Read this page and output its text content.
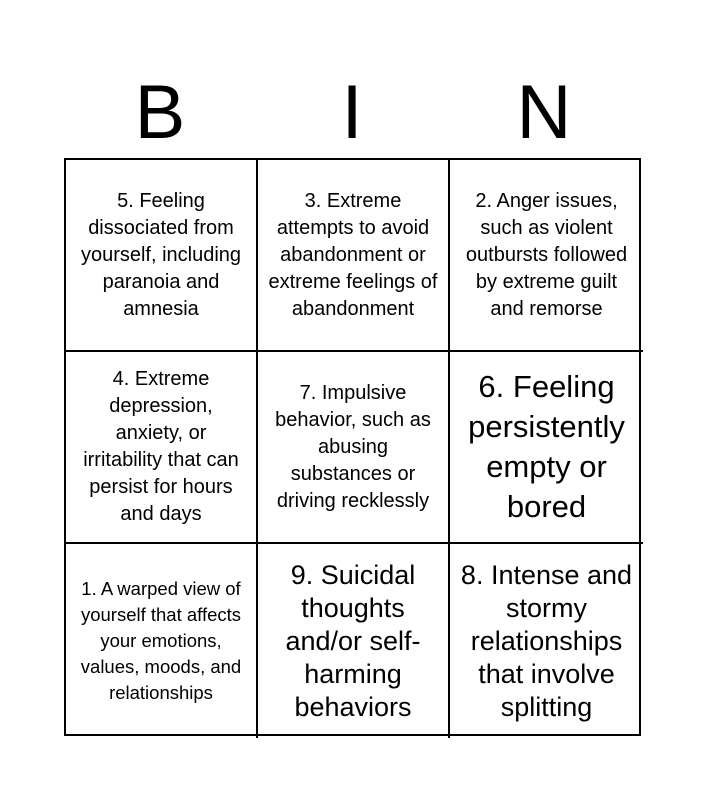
B	I	N
5. Feeling dissociated from yourself, including paranoia and amnesia
3. Extreme attempts to avoid abandonment or extreme feelings of abandonment
2. Anger issues, such as violent outbursts followed by extreme guilt and remorse
4. Extreme depression, anxiety, or irritability that can persist for hours and days
7. Impulsive behavior, such as abusing substances or driving recklessly
6. Feeling persistently empty or bored
1. A warped view of yourself that affects your emotions, values, moods, and relationships
9. Suicidal thoughts and/or self-harming behaviors
8. Intense and stormy relationships that involve splitting
